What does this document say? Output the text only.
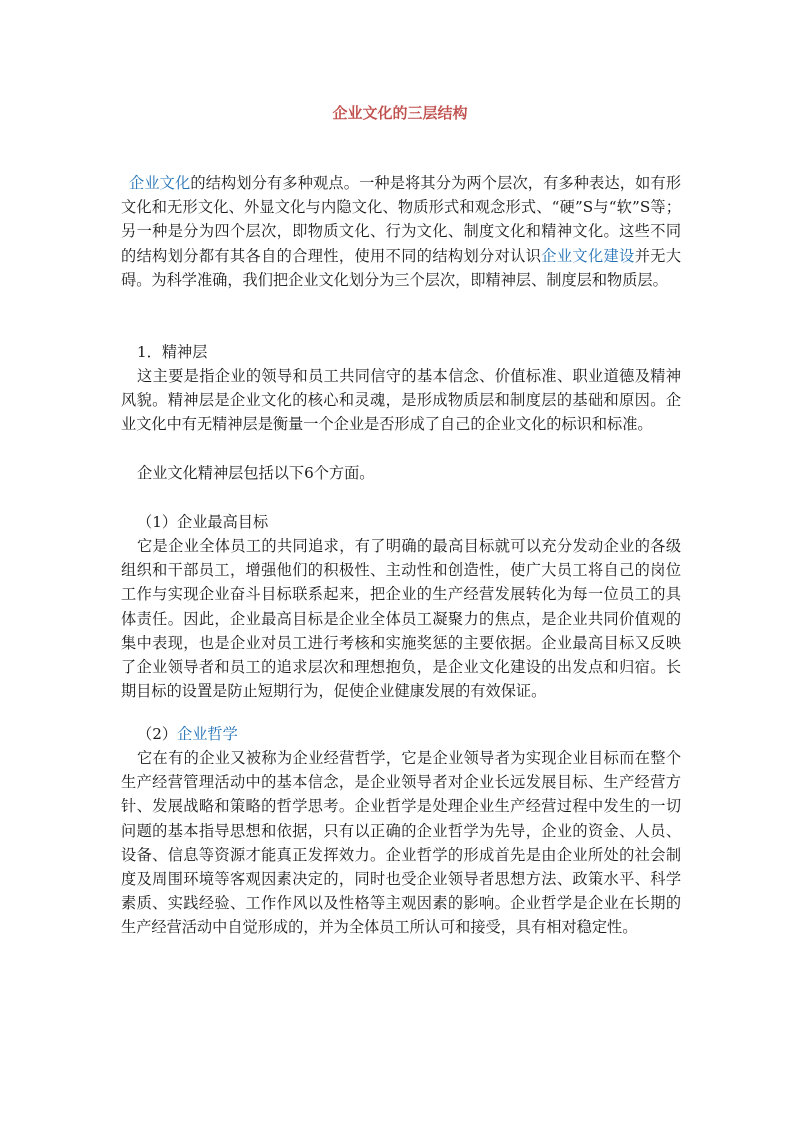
企业文化的三层结构

企业文化的结构划分有多种观点。一种是将其分为两个层次，有多种表达，如有形文化和无形文化、外显文化与内隐文化、物质形式和观念形式、“硬”S与“软”S等；另一种是分为四个层次，即物质文化、行为文化、制度文化和精神文化。这些不同的结构划分都有其各自的合理性，使用不同的结构划分对认识企业文化建设并无大碍。为科学准确，我们把企业文化划分为三个层次，即精神层、制度层和物质层。

1．精神层

这主要是指企业的领导和员工共同信守的基本信念、价值标准、职业道德及精神风貌。精神层是企业文化的核心和灵魂，是形成物质层和制度层的基础和原因。企业文化中有无精神层是衡量一个企业是否形成了自己的企业文化的标识和标准。

企业文化精神层包括以下6个方面。

（1）企业最高目标

它是企业全体员工的共同追求，有了明确的最高目标就可以充分发动企业的各级组织和干部员工，增强他们的积极性、主动性和创造性，使广大员工将自己的岗位工作与实现企业奋斗目标联系起来，把企业的生产经营发展转化为每一位员工的具体责任。因此，企业最高目标是企业全体员工凝聚力的焦点，是企业共同价值观的集中表现，也是企业对员工进行考核和实施奖惩的主要依据。企业最高目标又反映了企业领导者和员工的追求层次和理想抱负，是企业文化建设的出发点和归宿。长期目标的设置是防止短期行为，促使企业健康发展的有效保证。

（2）企业哲学

它在有的企业又被称为企业经营哲学，它是企业领导者为实现企业目标而在整个生产经营管理活动中的基本信念，是企业领导者对企业长远发展目标、生产经营方针、发展战略和策略的哲学思考。企业哲学是处理企业生产经营过程中发生的一切问题的基本指导思想和依据，只有以正确的企业哲学为先导，企业的资金、人员、设备、信息等资源才能真正发挥效力。企业哲学的形成首先是由企业所处的社会制度及周围环境等客观因素决定的，同时也受企业领导者思想方法、政策水平、科学素质、实践经验、工作作风以及性格等主观因素的影响。企业哲学是企业在长期的生产经营活动中自觉形成的，并为全体员工所认可和接受，具有相对稳定性。
